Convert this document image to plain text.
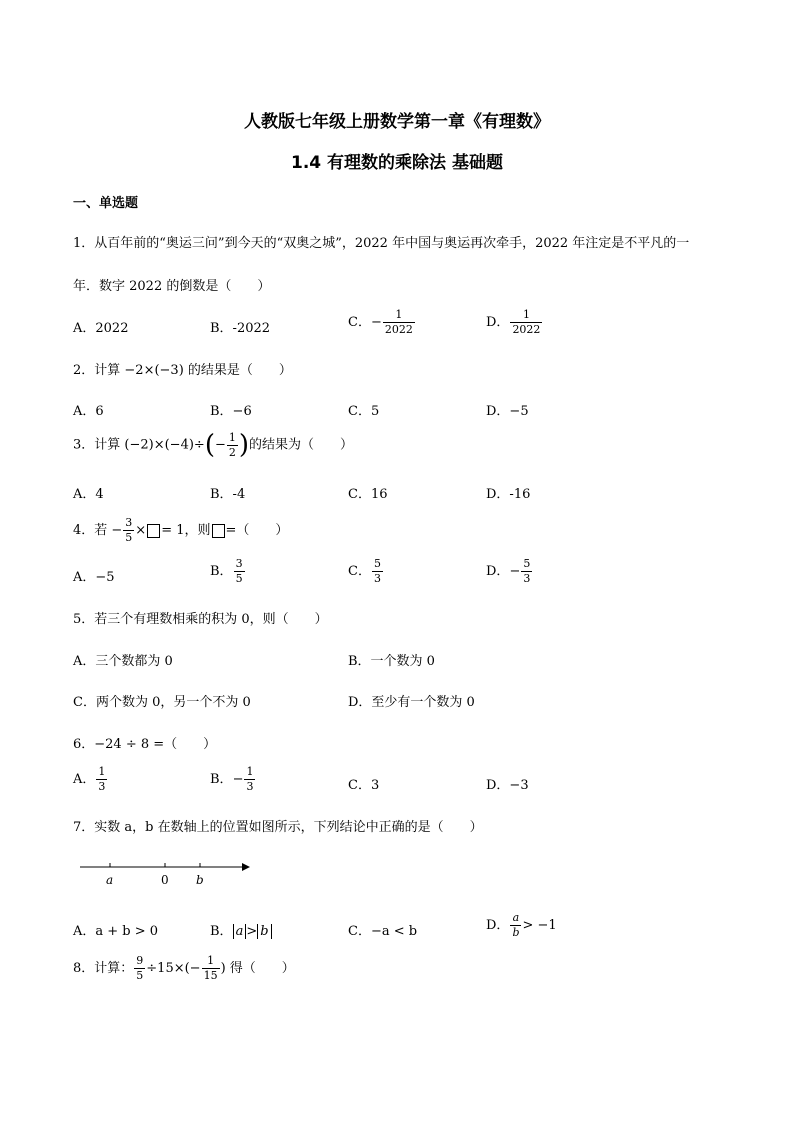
人教版七年级上册数学第一章《有理数》
1.4 有理数的乘除法 基础题
一、单选题
1．从百年前的“奥运三问”到今天的“双奥之城”，2022 年中国与奥运再次牵手，2022 年注定是不平凡的一
年．数字 2022 的倒数是（　　）
A．2022	B．-2022	C．− $\frac{1}{2022}$	D． $\frac{1}{2022}$
2．计算 −2×(−3) 的结果是（　　）
A．6	B．−6	C．5	D．−5
3．计算 $(-2)\times(-4)\div(- \frac{1}{2}$ )的结果为（　　）
A．4	B．-4	C．16	D．-16
4．若 − $\frac{3}{5}$ × = 1，则 =（　　）
A．−5	B． $\frac{3}{5}$	C． $\frac{5}{3}$	D．− $\frac{5}{3}$
5．若三个有理数相乘的积为 0，则（　　）
A．三个数都为 0	B．一个数为 0
C．两个数为 0，另一个不为 0	D．至少有一个数为 0
6．−24 ÷ 8 =（　　）
A． $\frac{1}{3}$	B．− $\frac{1}{3}$	C．3	D．−3
7．实数 a，b 在数轴上的位置如图所示，下列结论中正确的是（　　）
a	0 b
A．a + b > 0	B． a > b	C．−a < b	D． $\frac{a}{b} > -1$
8．计算： $\frac{9}{5} \div 15\times(- \frac{1}{15}$ ) 得（　　）
